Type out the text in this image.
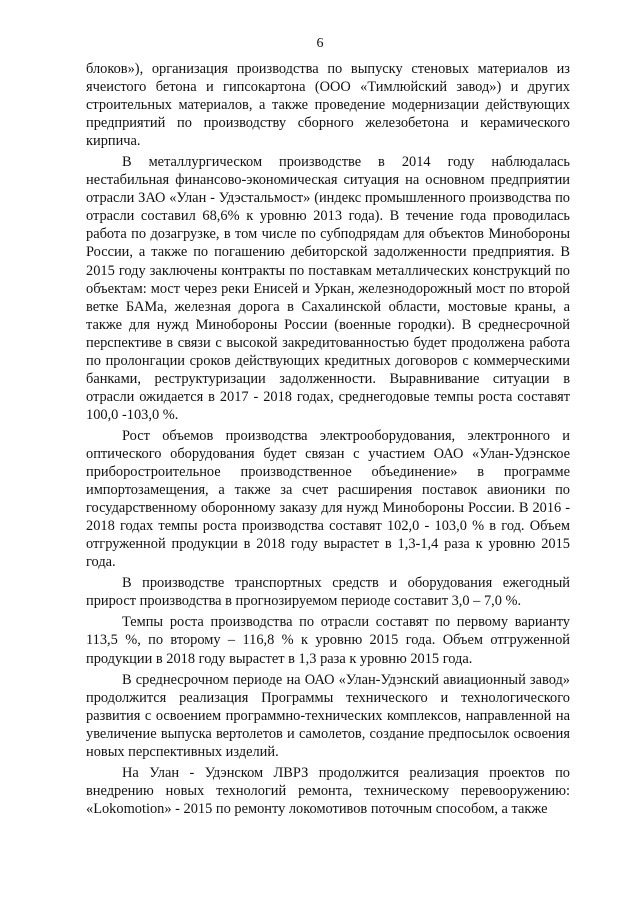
6

блоков»), организация производства по выпуску стеновых материалов из ячеистого бетона и гипсокартона (ООО «Тимлюйский завод») и других строительных материалов, а также проведение модернизации действующих предприятий по производству сборного железобетона и керамического кирпича.

В металлургическом производстве в 2014 году наблюдалась нестабильная финансово-экономическая ситуация на основном предприятии отрасли ЗАО «Улан - Удэстальмост» (индекс промышленного производства по отрасли составил 68,6% к уровню 2013 года). В течение года проводилась работа по дозагрузке, в том числе по субподрядам для объектов Минобороны России, а также по погашению дебиторской задолженности предприятия. В 2015 году заключены контракты по поставкам металлических конструкций по объектам: мост через реки Енисей и Уркан, железнодорожный мост по второй ветке БАМа, железная дорога в Сахалинской области, мостовые краны, а также для нужд Минобороны России (военные городки). В среднесрочной перспективе в связи с высокой закредитованностью будет продолжена работа по пролонгации сроков действующих кредитных договоров с коммерческими банками, реструктуризации задолженности. Выравнивание ситуации в отрасли ожидается в 2017 - 2018 годах, среднегодовые темпы роста составят 100,0 -103,0 %.

Рост объемов производства электрооборудования, электронного и оптического оборудования будет связан с участием ОАО «Улан-Удэнское приборостроительное производственное объединение» в программе импортозамещения, а также за счет расширения поставок авионики по государственному оборонному заказу для нужд Минобороны России. В 2016 - 2018 годах темпы роста производства составят 102,0 - 103,0 % в год. Объем отгруженной продукции в 2018 году вырастет в 1,3-1,4 раза к уровню 2015 года.

В производстве транспортных средств и оборудования ежегодный прирост производства в прогнозируемом периоде составит 3,0 – 7,0 %.

Темпы роста производства по отрасли составят по первому варианту 113,5 %, по второму – 116,8 % к уровню 2015 года. Объем отгруженной продукции в 2018 году вырастет в 1,3 раза к уровню 2015 года.

В среднесрочном периоде на ОАО «Улан-Удэнский авиационный завод» продолжится реализация Программы технического и технологического развития с освоением программно-технических комплексов, направленной на увеличение выпуска вертолетов и самолетов, создание предпосылок освоения новых перспективных изделий.

На Улан - Удэнском ЛВРЗ продолжится реализация проектов по внедрению новых технологий ремонта, техническому перевооружению: «Lokomotion» - 2015 по ремонту локомотивов поточным способом, а также
